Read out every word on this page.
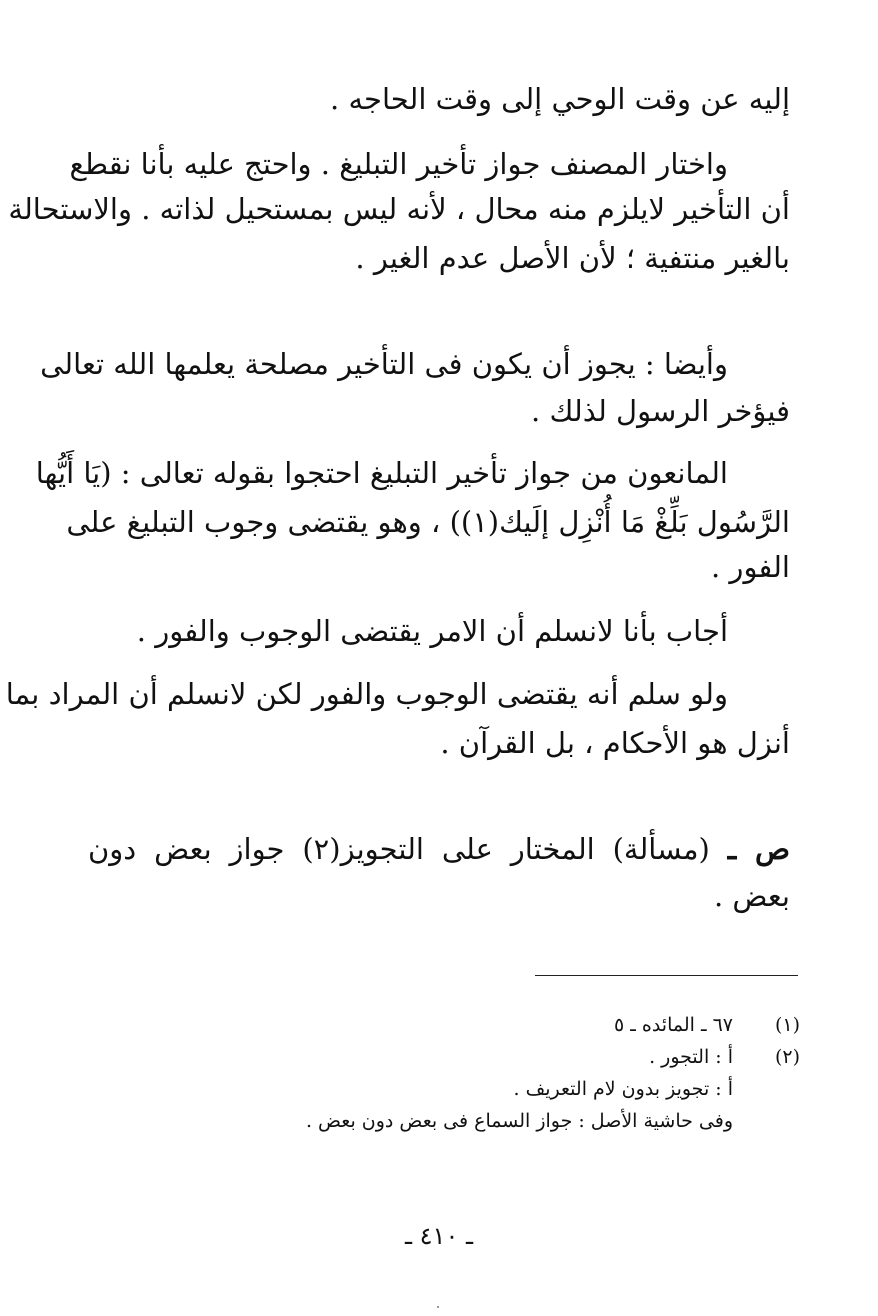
إليه عن وقت الوحي إلى وقت الحاجه .
واختار المصنف جواز تأخير التبليغ . واحتج عليه بأنا نقطع
أن التأخير لايلزم منه محال ، لأنه ليس بمستحيل لذاته . والاستحالة
بالغير منتفية ؛ لأن الأصل عدم الغير .
وأيضا : يجوز أن يكون فى التأخير مصلحة يعلمها الله تعالى
فيؤخر الرسول لذلك .
المانعون من جواز تأخير التبليغ احتجوا بقوله تعالى : (يَا أَيُّها
الرَّسُول بَلِّغْ مَا أُنْزِل إلَيك(١)) ، وهو يقتضى وجوب التبليغ على
الفور .
أجاب بأنا لانسلم أن الامر يقتضى الوجوب والفور .
ولو سلم أنه يقتضى الوجوب والفور لكن لانسلم أن المراد بما
أنزل هو الأحكام ، بل القرآن .
ص ـ (مسألة) المختار على التجويز(٢) جواز بعض دون
بعض .
(١)
٦٧ ـ المائده ـ ٥
(٢)
أ : التجور .
أ : تجويز بدون لام التعريف .
وفى حاشية الأصل : جواز السماع فى بعض دون بعض .
ـ ٤١٠ ـ
